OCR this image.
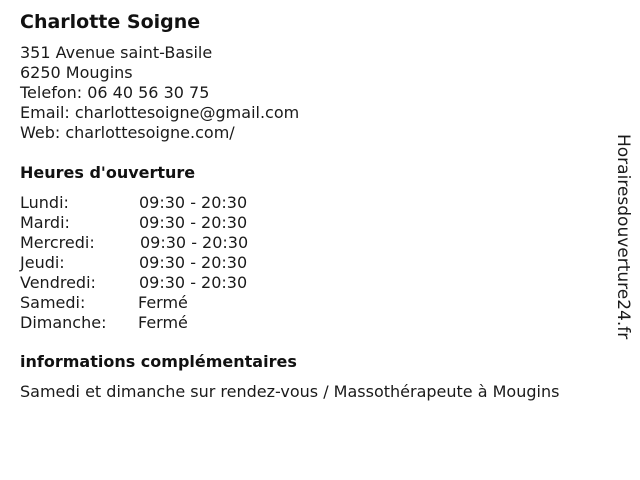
Charlotte Soigne
351 Avenue saint-Basile
6250 Mougins
Telefon: 06 40 56 30 75
Email: charlottesoigne@gmail.com
Web: charlottesoigne.com/
Heures d'ouverture
Lundi:	09:30 - 20:30
Mardi:	09:30 - 20:30
Mercredi:	09:30 - 20:30
Jeudi:	09:30 - 20:30
Vendredi:	09:30 - 20:30
Samedi:	Fermé
Dimanche: Fermé
informations complémentaires
Samedi et dimanche sur rendez-vous / Massothérapeute à Mougins
Horairesdouverture24.fr
